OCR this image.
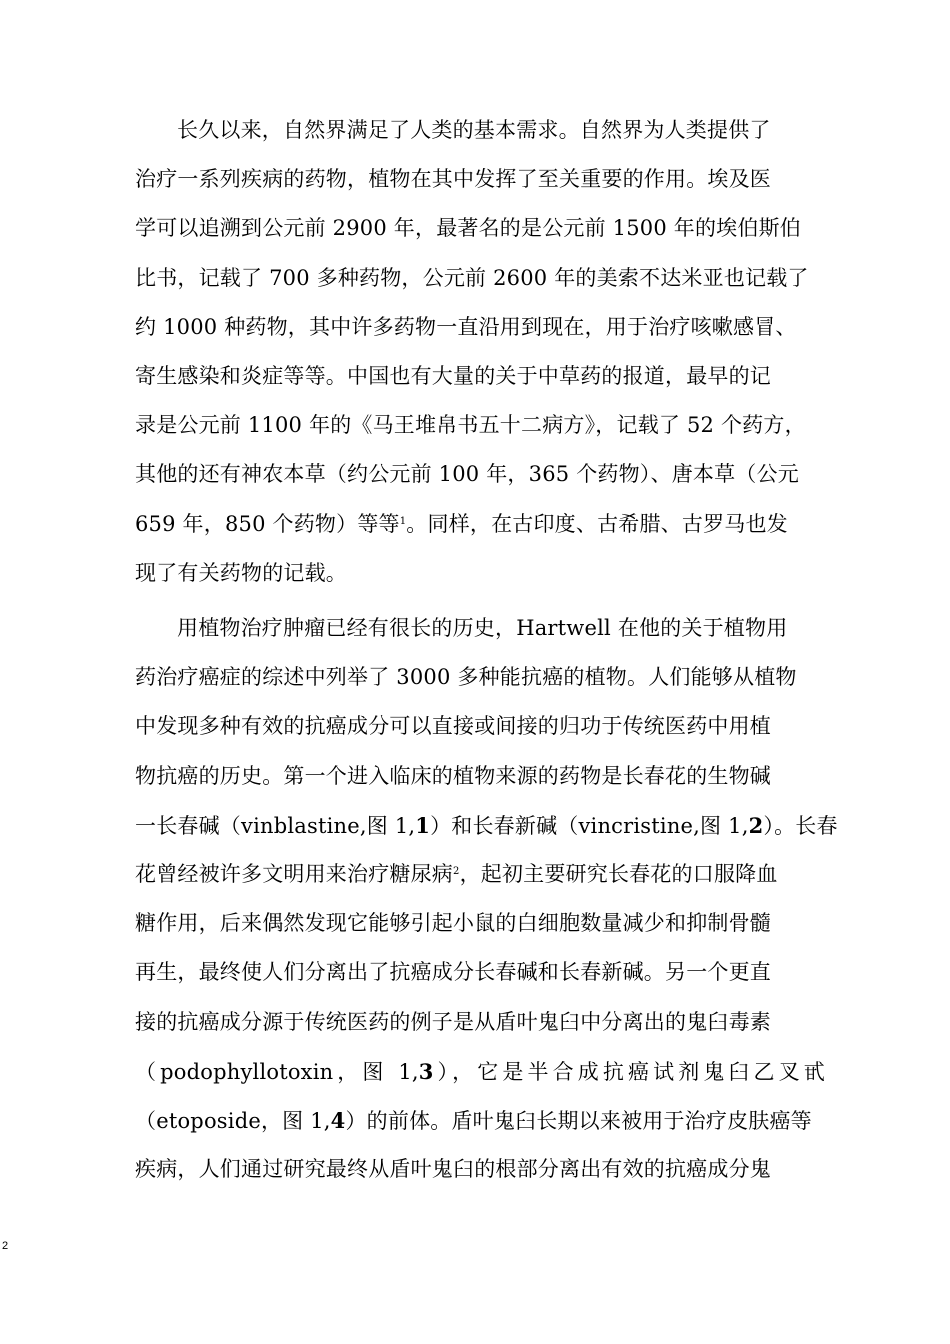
长久以来，自然界满足了人类的基本需求。自然界为人类提供了
治疗一系列疾病的药物，植物在其中发挥了至关重要的作用。埃及医
学可以追溯到公元前 2900 年，最著名的是公元前 1500 年的埃伯斯伯
比书，记载了 700 多种药物，公元前 2600 年的美索不达米亚也记载了
约 1000 种药物，其中许多药物一直沿用到现在，用于治疗咳嗽感冒、
寄生感染和炎症等等。中国也有大量的关于中草药的报道，最早的记
录是公元前 1100 年的《马王堆帛书五十二病方》，记载了 52 个药方，
其他的还有神农本草（约公元前 100 年，365 个药物）、唐本草（公元
659 年，850 个药物）等等$^1$。同样，在古印度、古希腊、古罗马也发
现了有关药物的记载。
用植物治疗肿瘤已经有很长的历史，Hartwell 在他的关于植物用
药治疗癌症的综述中列举了 3000 多种能抗癌的植物。人们能够从植物
中发现多种有效的抗癌成分可以直接或间接的归功于传统医药中用植
物抗癌的历史。第一个进入临床的植物来源的药物是长春花的生物碱
一长春碱（vinblastine,图 1,1）和长春新碱（vincristine,图 1,2）。长春
花曾经被许多文明用来治疗糖尿病$^2$，起初主要研究长春花的口服降血
糖作用，后来偶然发现它能够引起小鼠的白细胞数量减少和抑制骨髓
再生，最终使人们分离出了抗癌成分长春碱和长春新碱。另一个更直
接的抗癌成分源于传统医药的例子是从盾叶鬼臼中分离出的鬼臼毒素
（podophyllotoxin，图 1,3），它是半合成抗癌试剂鬼臼乙叉甙
（etoposide，图 1,4）的前体。盾叶鬼臼长期以来被用于治疗皮肤癌等
疾病，人们通过研究最终从盾叶鬼臼的根部分离出有效的抗癌成分鬼
2
